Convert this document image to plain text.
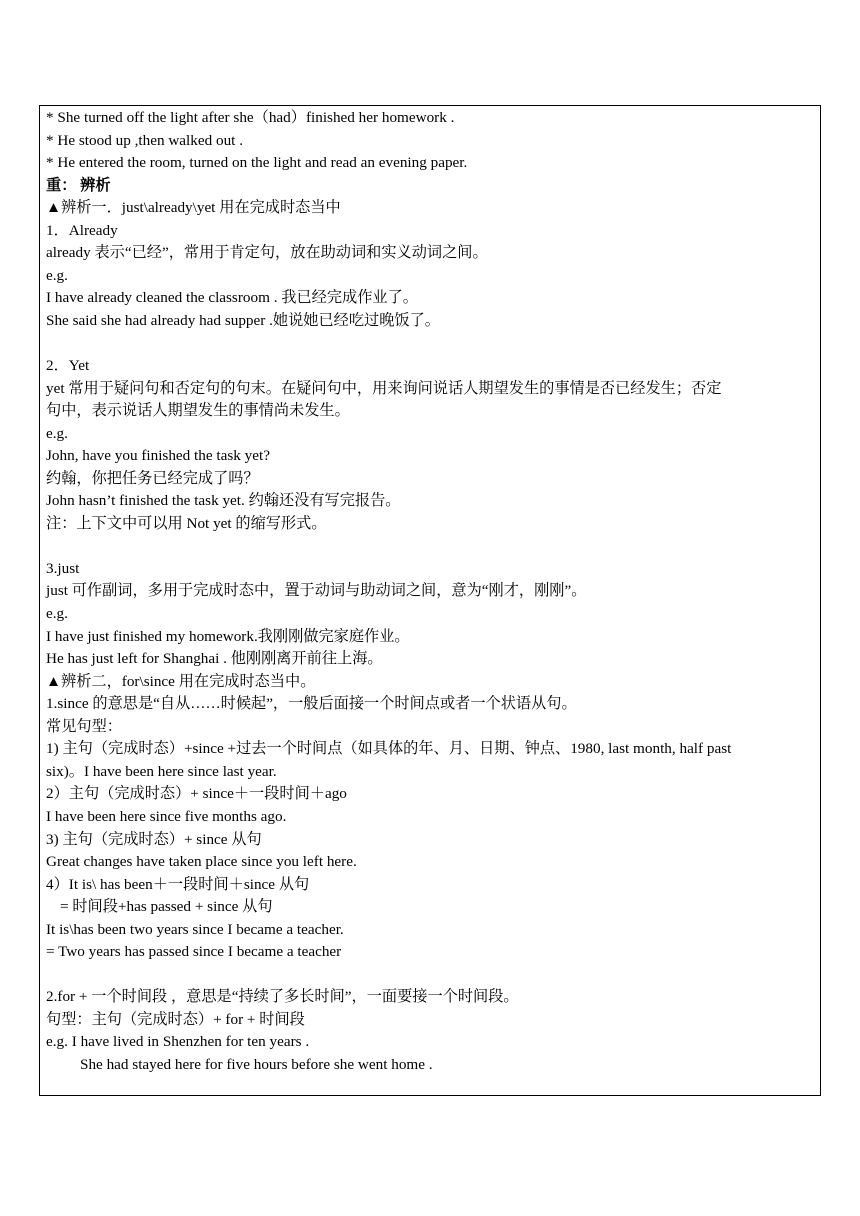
* She turned off the light after she（had）finished her homework .
* He stood up ,then walked out .
* He entered the room, turned on the light and read an evening paper.
重： 辨析
▲辨析一．just\already\yet 用在完成时态当中
1．Already
already 表示“已经”，常用于肯定句，放在助动词和实义动词之间。
e.g.
I have already cleaned the classroom . 我已经完成作业了。
She said she had already had supper .她说她已经吃过晚饭了。
2．Yet
yet 常用于疑问句和否定句的句末。在疑问句中，用来询问说话人期望发生的事情是否已经发生；否定
句中，表示说话人期望发生的事情尚未发生。
e.g.
John, have you finished the task yet?
约翰，你把任务已经完成了吗？
John hasn’t finished the task yet. 约翰还没有写完报告。
注：上下文中可以用 Not yet 的缩写形式。
3.just
just 可作副词，多用于完成时态中，置于动词与助动词之间，意为“刚才，刚刚”。
e.g.
I have just finished my homework.我刚刚做完家庭作业。
He has just left for Shanghai . 他刚刚离开前往上海。
▲辨析二，for\since 用在完成时态当中。
1.since 的意思是“自从……时候起”，一般后面接一个时间点或者一个状语从句。
常见句型：
1) 主句（完成时态）+since +过去一个时间点（如具体的年、月、日期、钟点、1980, last month, half past
six)。I have been here since last year.
2）主句（完成时态）+ since＋一段时间＋ago
I have been here since five months ago.
3) 主句（完成时态）+ since 从句
Great changes have taken place since you left here.
4）It is\ has been＋一段时间＋since 从句
= 时间段+has passed + since 从句
It is\has been two years since I became a teacher.
= Two years has passed since I became a teacher
2.for + 一个时间段 ，意思是“持续了多长时间”，一面要接一个时间段。
句型：主句（完成时态）+ for + 时间段
e.g. I have lived in Shenzhen for ten years .
She had stayed here for five hours before she went home .
